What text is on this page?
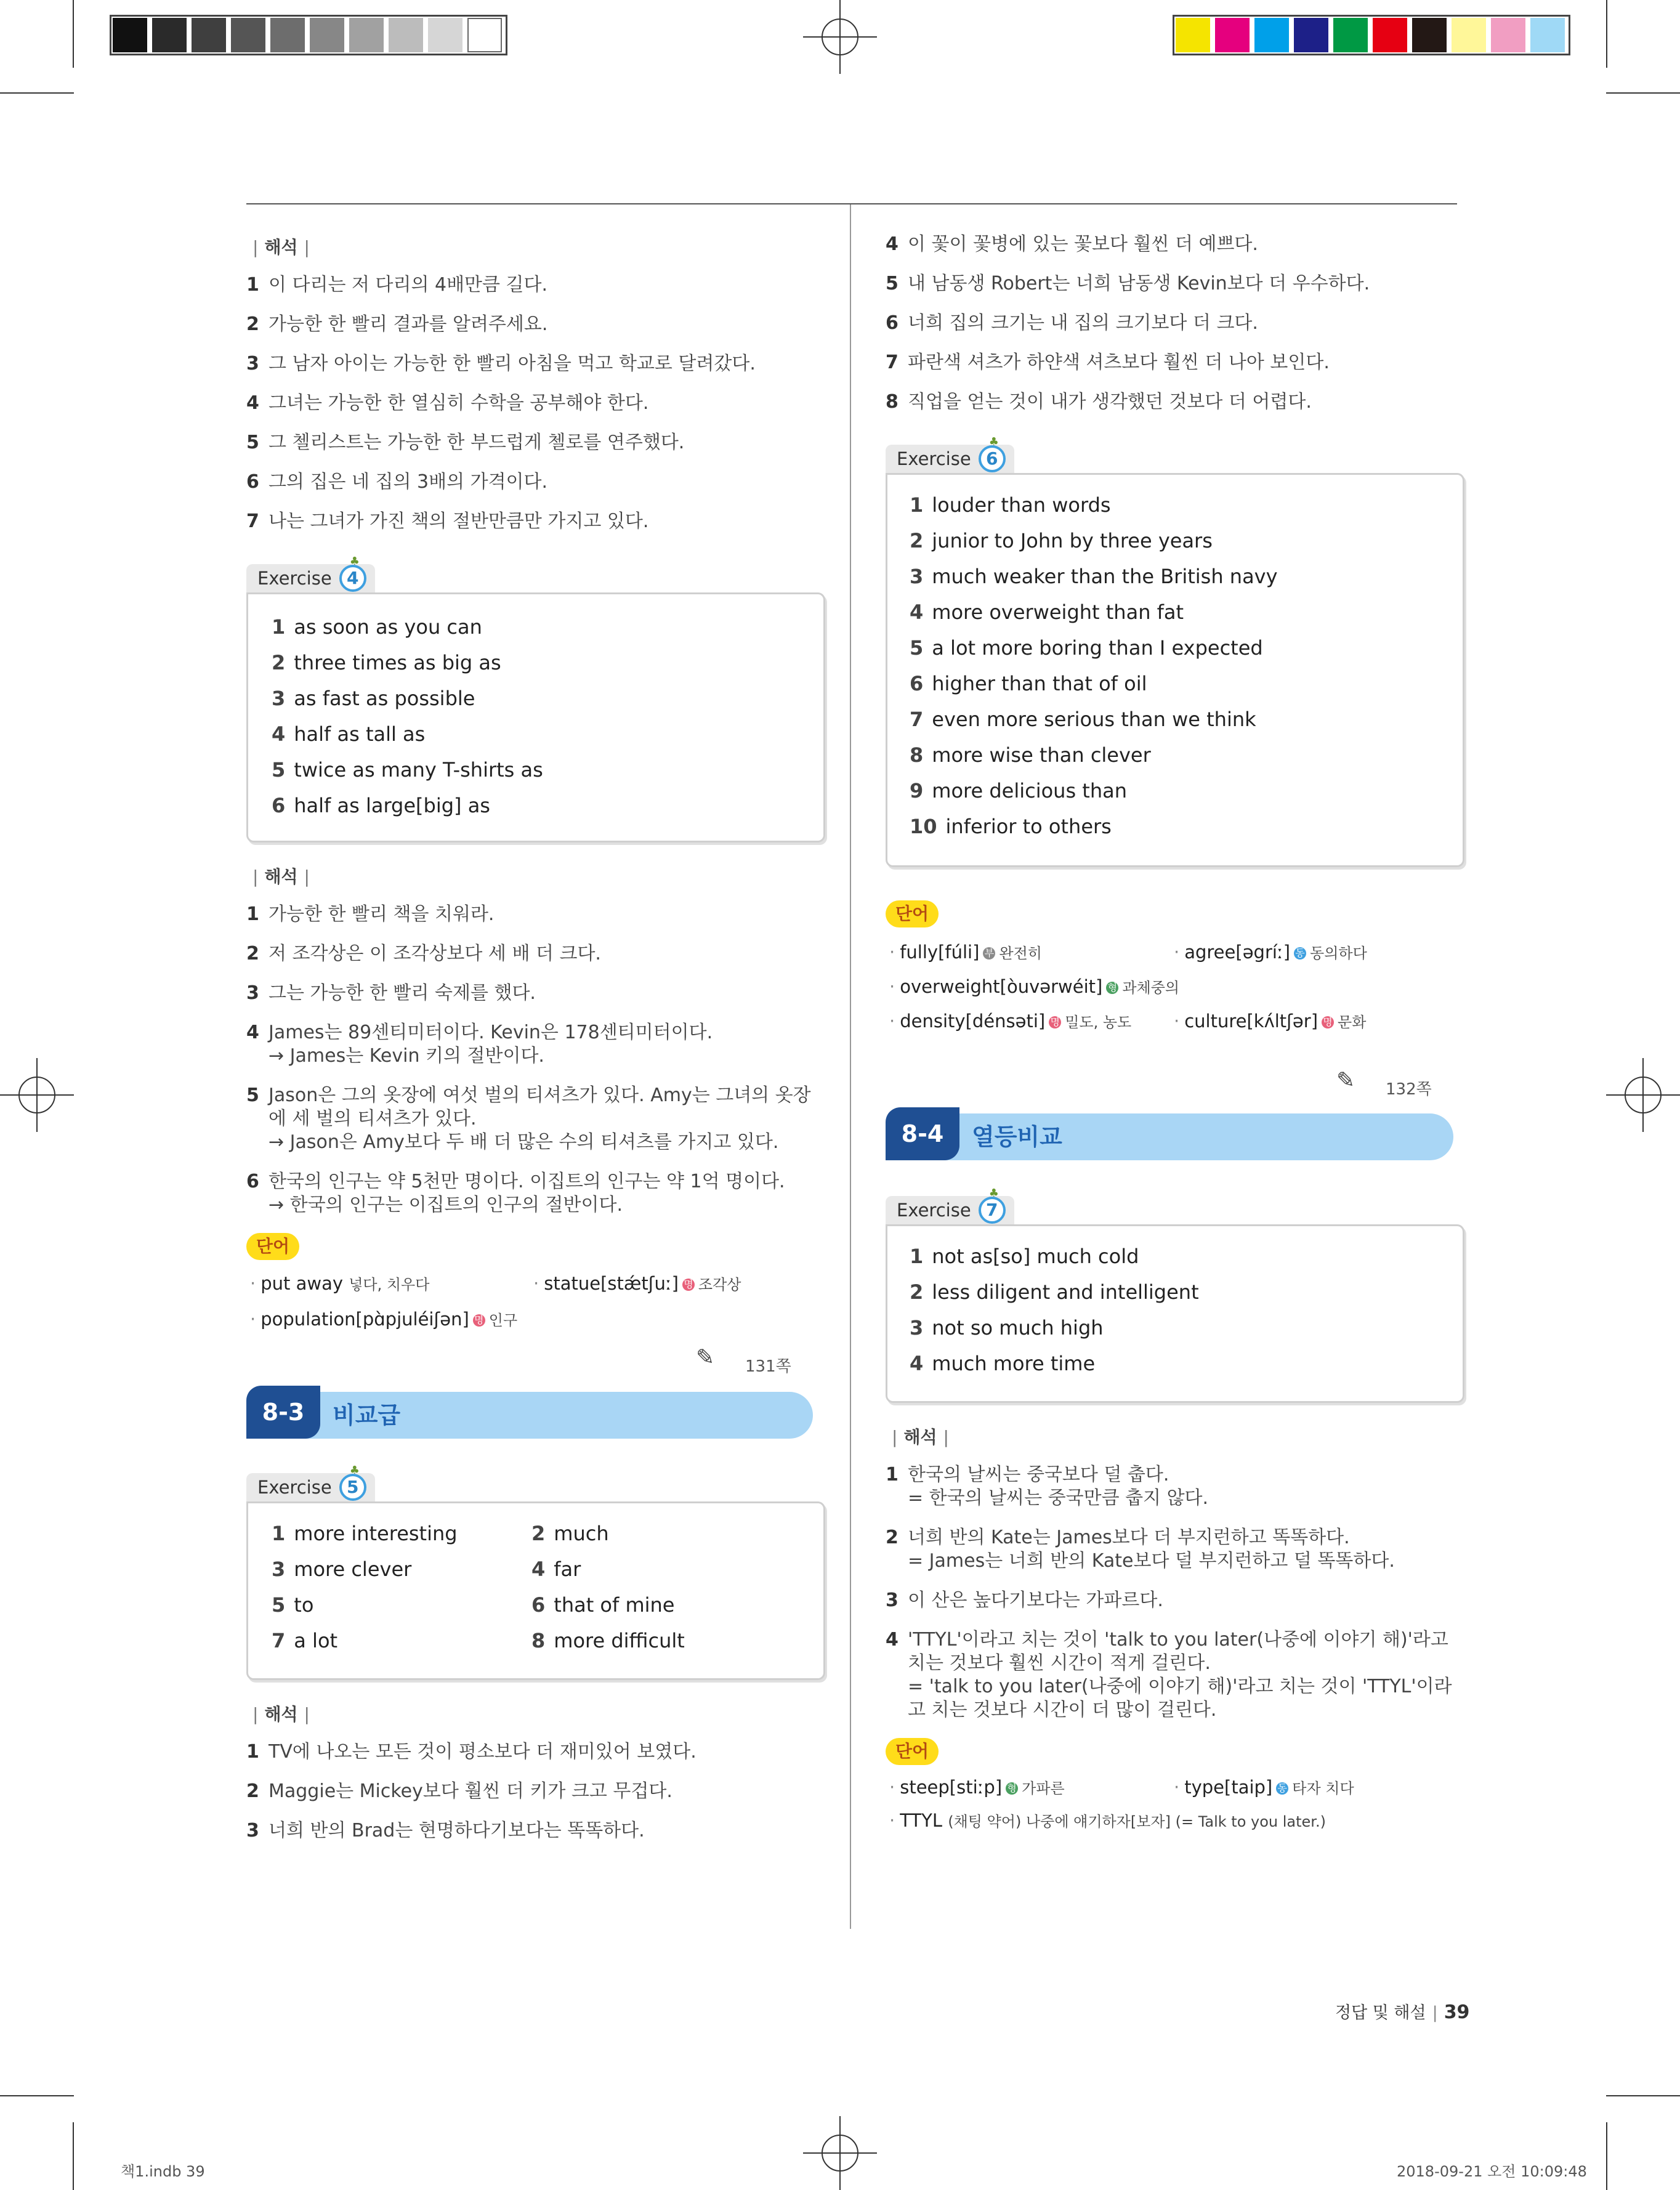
| 해석 |
1 이 다리는 저 다리의 4배만큼 길다.
2 가능한 한 빨리 결과를 알려주세요.
3 그 남자 아이는 가능한 한 빨리 아침을 먹고 학교로 달려갔다.
4 그녀는 가능한 한 열심히 수학을 공부해야 한다.
5 그 첼리스트는 가능한 한 부드럽게 첼로를 연주했다.
6 그의 집은 네 집의 3배의 가격이다.
7 나는 그녀가 가진 책의 절반만큼만 가지고 있다.
Exercise
♣
4
1 as soon as you can
2 three times as big as
3 as fast as possible
4 half as tall as
5 twice as many T-shirts as
6 half as large[big] as
| 해석 |
1 가능한 한 빨리 책을 치워라.
2 저 조각상은 이 조각상보다 세 배 더 크다.
3 그는 가능한 한 빨리 숙제를 했다.
4 James는 89센티미터이다. Kevin은 178센티미터이다.
→ James는 Kevin 키의 절반이다.
5 Jason은 그의 옷장에 여섯 벌의 티셔츠가 있다. Amy는 그녀의 옷장에 세 벌의 티셔츠가 있다.
→ Jason은 Amy보다 두 배 더 많은 수의 티셔츠를 가지고 있다.
6 한국의 인구는 약 5천만 명이다. 이집트의 인구는 약 1억 명이다.
→ 한국의 인구는 이집트의 인구의 절반이다.
단어
· put away 넣다, 치우다	· statue[stǽtʃuː] 명 조각상
· population[pɑ̀pjuléiʃən] 명 인구
✎ 131쪽
8-3	비교급
Exercise
♣
5
1 more interesting	2 much
3 more clever	4 far
5 to	6 that of mine
7 a lot	8 more difficult
| 해석 |
1 TV에 나오는 모든 것이 평소보다 더 재미있어 보였다.
2 Maggie는 Mickey보다 훨씬 더 키가 크고 무겁다.
3 너희 반의 Brad는 현명하다기보다는 똑똑하다.
4 이 꽃이 꽃병에 있는 꽃보다 훨씬 더 예쁘다.
5 내 남동생 Robert는 너희 남동생 Kevin보다 더 우수하다.
6 너희 집의 크기는 내 집의 크기보다 더 크다.
7 파란색 셔츠가 하얀색 셔츠보다 훨씬 더 나아 보인다.
8 직업을 얻는 것이 내가 생각했던 것보다 더 어렵다.
Exercise
♣
6
1 louder than words
2 junior to John by three years
3 much weaker than the British navy
4 more overweight than fat
5 a lot more boring than I expected
6 higher than that of oil
7 even more serious than we think
8 more wise than clever
9 more delicious than
10 inferior to others
단어
· fully[fúli] 부 완전히	· agree[əgríː] 동 동의하다
· overweight[òuvərwéit] 형 과체중의
· density[dénsəti] 명 밀도, 농도 · culture[kʌ́ltʃər] 명 문화
✎ 132쪽
8-4	열등비교
Exercise
♣
7
1 not as[so] much cold
2 less diligent and intelligent
3 not so much high
4 much more time
| 해석 |
1 한국의 날씨는 중국보다 덜 춥다.
= 한국의 날씨는 중국만큼 춥지 않다.
2 너희 반의 Kate는 James보다 더 부지런하고 똑똑하다.
= James는 너희 반의 Kate보다 덜 부지런하고 덜 똑똑하다.
3 이 산은 높다기보다는 가파르다.
4 'TTYL'이라고 치는 것이 'talk to you later(나중에 이야기 해)'라고 치는 것보다 훨씬 시간이 적게 걸린다.
= 'talk to you later(나중에 이야기 해)'라고 치는 것이 'TTYL'이라고 치는 것보다 시간이 더 많이 걸린다.
단어
· steep[stiːp] 형 가파른	· type[taip] 동 타자 치다
· TTYL (채팅 약어) 나중에 얘기하자[보자] (= Talk to you later.)
정답 및 해설 | 39
책1.indb 39	2018-09-21 오전 10:09:48
